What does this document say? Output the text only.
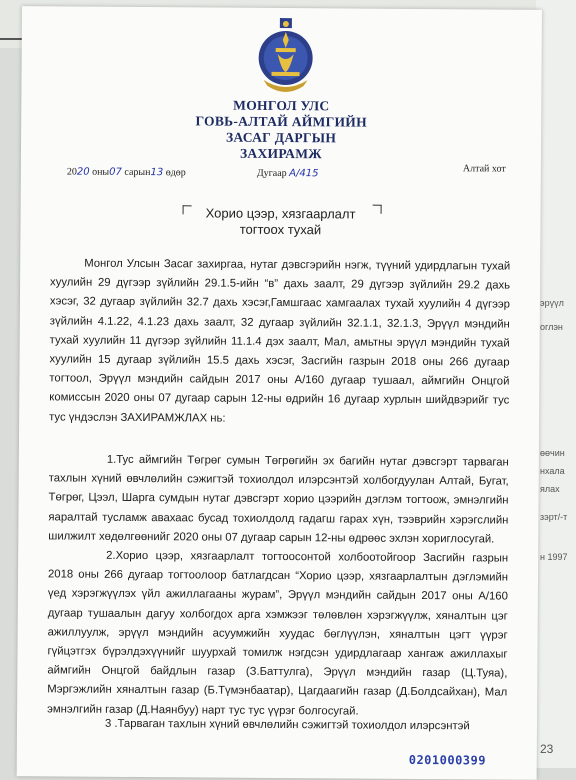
эрүүл
оглэн
өөчин
нхала
ялах
зэрт/-т
н 1997
23
МОНГОЛ УЛС
ГОВЬ-АЛТАЙ АЙМГИЙН
ЗАСАГ ДАРГЫН
ЗАХИРАМЖ
2020 оны07 сарын13 өдөр	Дугаар А/415	Алтай хот
Хорио цээр, хязгаарлалт
тогтоох тухай

Монгол Улсын Засаг захиргаа, нутаг дэвсгэрийн нэгж, түүний удирдлагын тухай хуулийн 29 дүгээр зүйлийн 29.1.5-ийн “в” дахь заалт, 29 дүгээр зүйлийн 29.2 дахь хэсэг, 32 дугаар зүйлийн 32.7 дахь хэсэг,Гамшгаас хамгаалах тухай хуулийн 4 дүгээр зүйлийн 4.1.22, 4.1.23 дахь заалт, 32 дугаар зүйлийн 32.1.1, 32.1.3, Эрүүл мэндийн тухай хуулийн 11 дүгээр зүйлийн 11.1.4 дэх заалт, Мал, амьтны эрүүл мэндийн тухай хуулийн 15 дугаар зүйлийн 15.5 дахь хэсэг, Засгийн газрын 2018 оны 266 дугаар тогтоол, Эрүүл мэндийн сайдын 2017 оны А/160 дугаар тушаал, аймгийн Онцгой комиссын 2020 оны 07 дугаар сарын 12-ны өдрийн 16 дугаар хурлын шийдвэрийг тус тус үндэслэн ЗАХИРАМЖЛАХ нь:

1.Тус аймгийн Төгрөг сумын Төгрөгийн эх багийн нутаг дэвсгэрт тарваган тахлын хүний өвчлөлийн сэжигтэй тохиолдол илэрсэнтэй холбогдуулан Алтай, Бугат, Төгрөг, Цээл, Шарга сумдын нутаг дэвсгэрт хорио цээрийн дэглэм тогтоож, эмнэлгийн яаралтай тусламж авахаас бусад тохиолдолд гадагш гарах хүн, тээврийн хэрэгслийн шилжилт хөдөлгөөнийг 2020 оны 07 дугаар сарын 12-ны өдрөөс эхлэн хориглосугай.

2.Хорио цээр, хязгаарлалт тогтоосонтой холбоотойгоор Засгийн газрын 2018 оны 266 дугаар тогтоолоор батлагдсан “Хорио цээр, хязгаарлалтын дэглэмийн үед хэрэгжүүлэх үйл ажиллагааны журам”, Эрүүл мэндийн сайдын 2017 оны А/160 дугаар тушаалын дагуу холбогдох арга хэмжээг төлөвлөн хэрэгжүүлж, хяналтын цэг ажиллуулж, эрүүл мэндийн асуумжийн хуудас бөглүүлэн, хяналтын цэгт үүрэг гүйцэтгэх бүрэлдэхүүнийг шуурхай томилж нэгдсэн удирдлагаар хангаж ажиллахыг аймгийн Онцгой байдлын газар (З.Баттулга), Эрүүл мэндийн газар (Ц.Туяа), Мэргэжлийн хяналтын газар (Б.Түмэнбаатар), Цагдаагийн газар (Д.Болдсайхан), Мал эмнэлгийн газар (Д.Наянбуу) нарт тус тус үүрэг болгосугай.

3 .Тарваган тахлын хүний өвчлөлийн сэжигтэй тохиолдол илэрсэнтэй

0201000399
